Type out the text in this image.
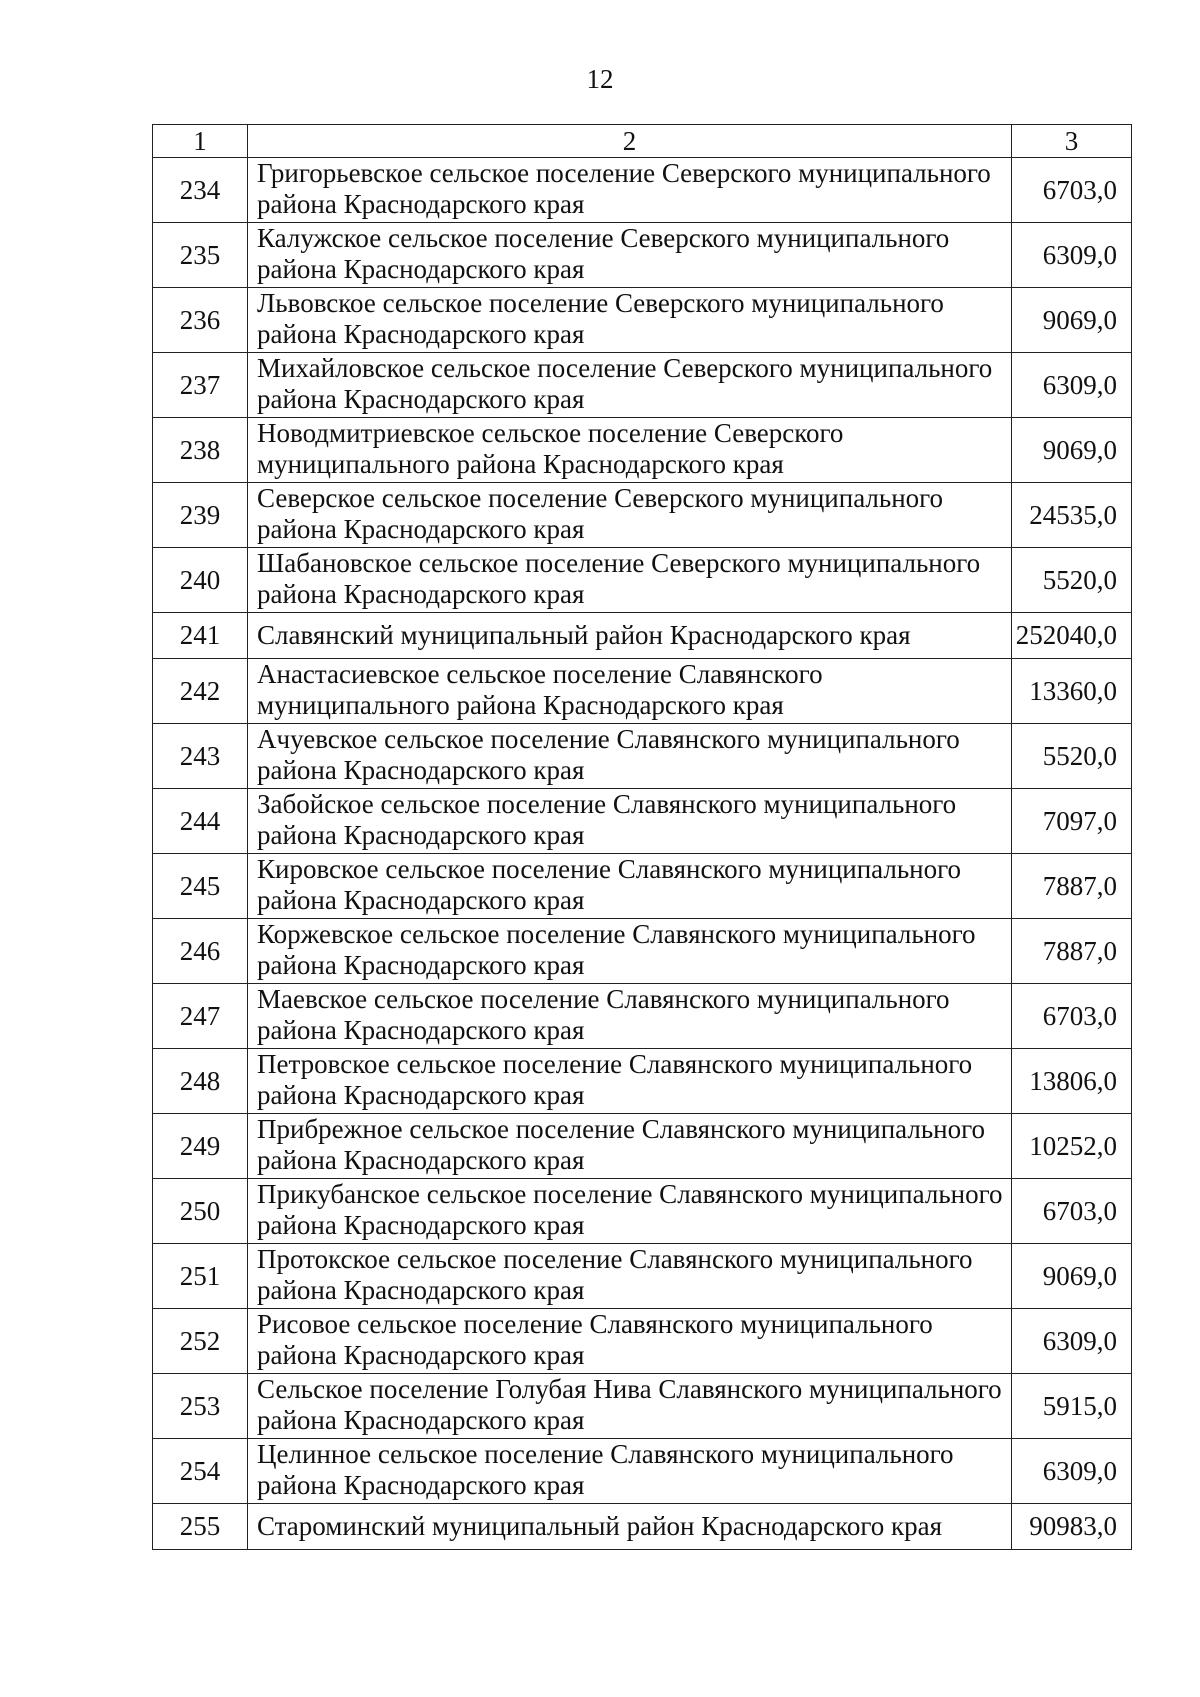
12
1	2	3
234	Григорьевское сельское поселение Северского муниципального района Краснодарского края	6703,0
235	Калужское сельское поселение Северского муниципального района Краснодарского края	6309,0
236	Львовское сельское поселение Северского муниципального района Краснодарского края	9069,0
237	Михайловское сельское поселение Северского муниципального района Краснодарского края	6309,0
238	Новодмитриевское сельское поселение Северского муниципального района Краснодарского края	9069,0
239	Северское сельское поселение Северского муниципального района Краснодарского края	24535,0
240	Шабановское сельское поселение Северского муниципального района Краснодарского края	5520,0
241	Славянский муниципальный район Краснодарского края	252040,0
242	Анастасиевское сельское поселение Славянского муниципального района Краснодарского края	13360,0
243	Ачуевское сельское поселение Славянского муниципального района Краснодарского края	5520,0
244	Забойское сельское поселение Славянского муниципального района Краснодарского края	7097,0
245	Кировское сельское поселение Славянского муниципального района Краснодарского края	7887,0
246	Коржевское сельское поселение Славянского муниципального района Краснодарского края	7887,0
247	Маевское сельское поселение Славянского муниципального района Краснодарского края	6703,0
248	Петровское сельское поселение Славянского муниципального района Краснодарского края	13806,0
249	Прибрежное сельское поселение Славянского муниципального района Краснодарского края	10252,0
250	Прикубанское сельское поселение Славянского муниципального района Краснодарского края	6703,0
251	Протокское сельское поселение Славянского муниципального района Краснодарского края	9069,0
252	Рисовое сельское поселение Славянского муниципального района Краснодарского края	6309,0
253	Сельское поселение Голубая Нива Славянского муниципального района Краснодарского края	5915,0
254	Целинное сельское поселение Славянского муниципального района Краснодарского края	6309,0
255	Староминский муниципальный район Краснодарского края	90983,0
